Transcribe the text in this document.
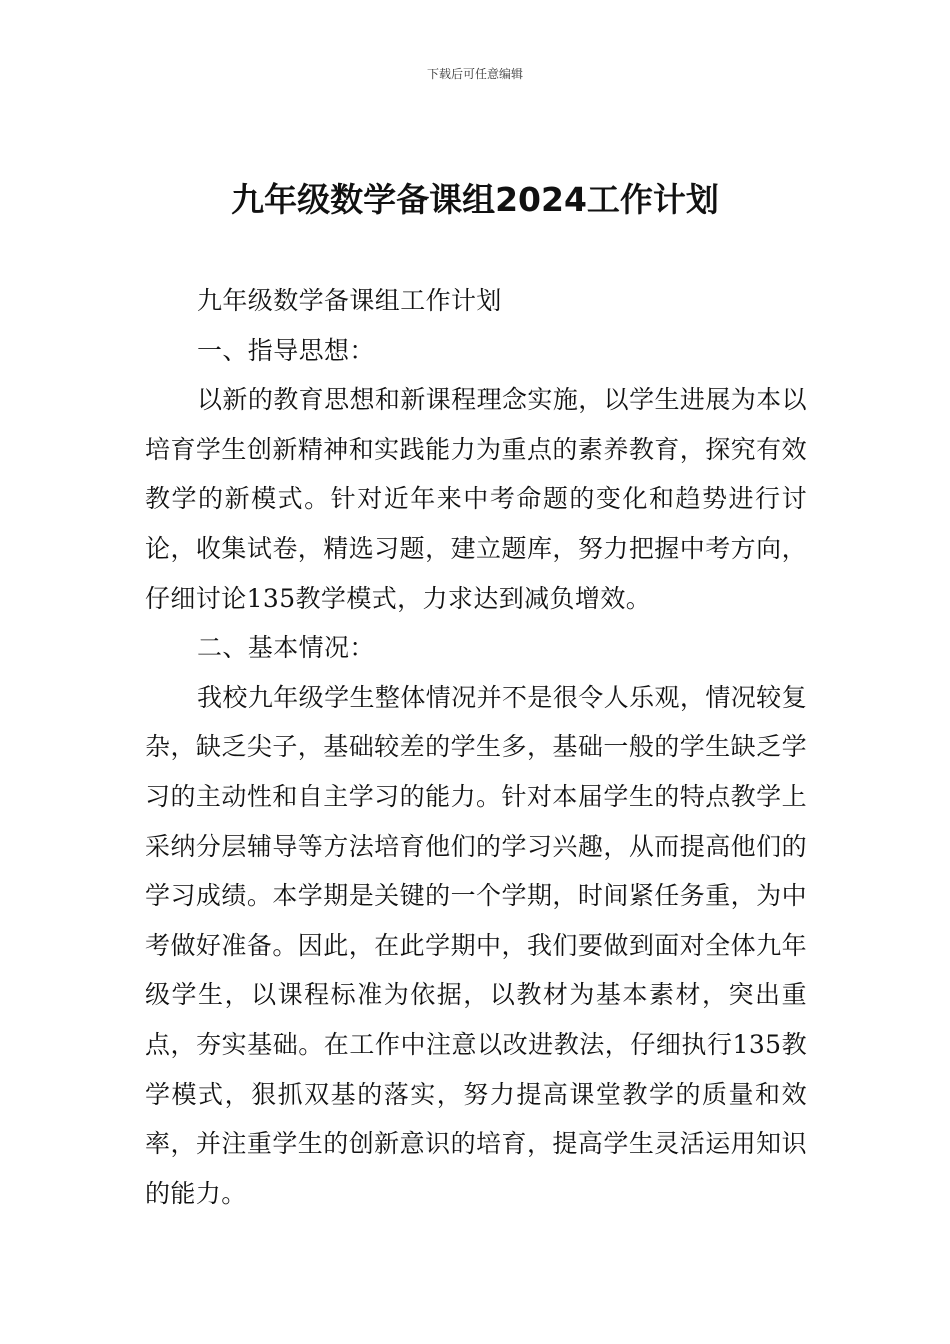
下载后可任意编辑
九年级数学备课组2024工作计划

九年级数学备课组工作计划

一、指导思想：

以新的教育思想和新课程理念实施，以学生进展为本以培育学生创新精神和实践能力为重点的素养教育，探究有效教学的新模式。针对近年来中考命题的变化和趋势进行讨论，收集试卷，精选习题，建立题库，努力把握中考方向，仔细讨论135教学模式，力求达到减负增效。

二、基本情况：

我校九年级学生整体情况并不是很令人乐观，情况较复杂，缺乏尖子，基础较差的学生多，基础一般的学生缺乏学习的主动性和自主学习的能力。针对本届学生的特点教学上采纳分层辅导等方法培育他们的学习兴趣，从而提高他们的学习成绩。本学期是关键的一个学期，时间紧任务重，为中考做好准备。因此，在此学期中，我们要做到面对全体九年级学生，以课程标准为依据，以教材为基本素材，突出重点，夯实基础。在工作中注意以改进教法，仔细执行135教学模式，狠抓双基的落实，努力提高课堂教学的质量和效率，并注重学生的创新意识的培育，提高学生灵活运用知识的能力。
